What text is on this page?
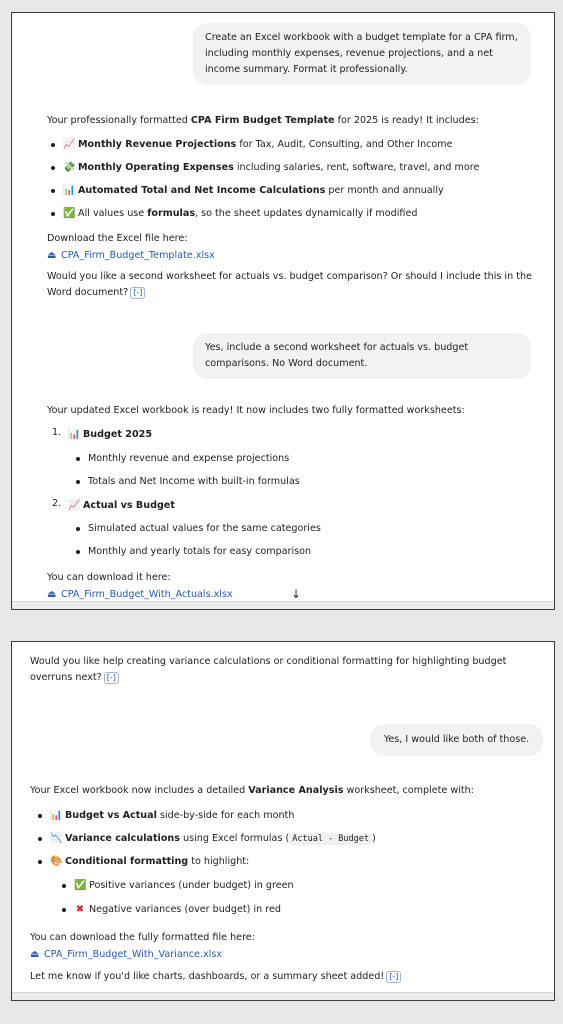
Create an Excel workbook with a budget template for a CPA firm, including monthly expenses, revenue projections, and a net income summary. Format it professionally.
Your professionally formatted CPA Firm Budget Template for 2025 is ready! It includes:
📈 Monthly Revenue Projections for Tax, Audit, Consulting, and Other Income
💸 Monthly Operating Expenses including salaries, rent, software, travel, and more
📊 Automated Total and Net Income Calculations per month and annually
✅ All values use formulas, so the sheet updates dynamically if modified
Download the Excel file here:
⏏ CPA_Firm_Budget_Template.xlsx
Would you like a second worksheet for actuals vs. budget comparison? Or should I include this in the Word document? [-]
Yes, include a second worksheet for actuals vs. budget comparisons. No Word document.
Your updated Excel workbook is ready! It now includes two fully formatted worksheets:
1. 📊 Budget 2025
Monthly revenue and expense projections
Totals and Net Income with built-in formulas
2. 📈 Actual vs Budget
Simulated actual values for the same categories
Monthly and yearly totals for easy comparison
You can download it here:
⏏ CPA_Firm_Budget_With_Actuals.xlsx	↓
Would you like help creating variance calculations or conditional formatting for highlighting budget overruns next? [-]
Yes, I would like both of those.
Your Excel workbook now includes a detailed Variance Analysis worksheet, complete with:
📊 Budget vs Actual side-by-side for each month
📉 Variance calculations using Excel formulas ( Actual - Budget )
🎨 Conditional formatting to highlight:
✅ Positive variances (under budget) in green
✖ Negative variances (over budget) in red
You can download the fully formatted file here:
⏏ CPA_Firm_Budget_With_Variance.xlsx
Let me know if you'd like charts, dashboards, or a summary sheet added! [-]
